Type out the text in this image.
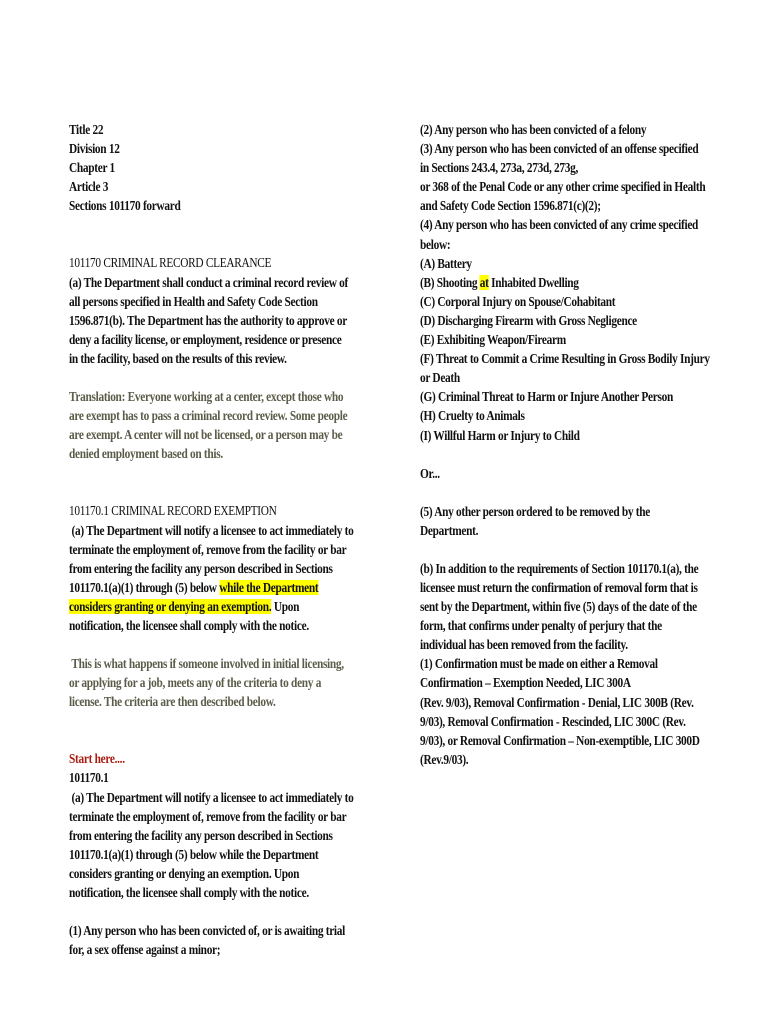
Title 22
Division 12
Chapter 1
Article 3
Sections 101170 forward
101170 CRIMINAL RECORD CLEARANCE
(a) The Department shall conduct a criminal record review of
all persons specified in Health and Safety Code Section
1596.871(b). The Department has the authority to approve or
deny a facility license, or employment, residence or presence
in the facility, based on the results of this review.
Translation: Everyone working at a center, except those who
are exempt has to pass a criminal record review. Some people
are exempt. A center will not be licensed, or a person may be
denied employment based on this.
101170.1 CRIMINAL RECORD EXEMPTION
(a) The Department will notify a licensee to act immediately to
terminate the employment of, remove from the facility or bar
from entering the facility any person described in Sections
101170.1(a)(1) through (5) below while the Department
considers granting or denying an exemption. Upon
notification, the licensee shall comply with the notice.
This is what happens if someone involved in initial licensing,
or applying for a job, meets any of the criteria to deny a
license. The criteria are then described below.
Start here....
101170.1
(a) The Department will notify a licensee to act immediately to
terminate the employment of, remove from the facility or bar
from entering the facility any person described in Sections
101170.1(a)(1) through (5) below while the Department
considers granting or denying an exemption. Upon
notification, the licensee shall comply with the notice.
(1) Any person who has been convicted of, or is awaiting trial
for, a sex offense against a minor;
(2) Any person who has been convicted of a felony
(3) Any person who has been convicted of an offense specified
in Sections 243.4, 273a, 273d, 273g,
or 368 of the Penal Code or any other crime specified in Health
and Safety Code Section 1596.871(c)(2);
(4) Any person who has been convicted of any crime specified
below:
(A) Battery
(B) Shooting at Inhabited Dwelling
(C) Corporal Injury on Spouse/Cohabitant
(D) Discharging Firearm with Gross Negligence
(E) Exhibiting Weapon/Firearm
(F) Threat to Commit a Crime Resulting in Gross Bodily Injury
or Death
(G) Criminal Threat to Harm or Injure Another Person
(H) Cruelty to Animals
(I) Willful Harm or Injury to Child
Or...
(5) Any other person ordered to be removed by the
Department.
(b) In addition to the requirements of Section 101170.1(a), the
licensee must return the confirmation of removal form that is
sent by the Department, within five (5) days of the date of the
form, that confirms under penalty of perjury that the
individual has been removed from the facility.
(1) Confirmation must be made on either a Removal
Confirmation – Exemption Needed, LIC 300A
(Rev. 9/03), Removal Confirmation - Denial, LIC 300B (Rev.
9/03), Removal Confirmation - Rescinded, LIC 300C (Rev.
9/03), or Removal Confirmation – Non-exemptible, LIC 300D
(Rev.9/03).
